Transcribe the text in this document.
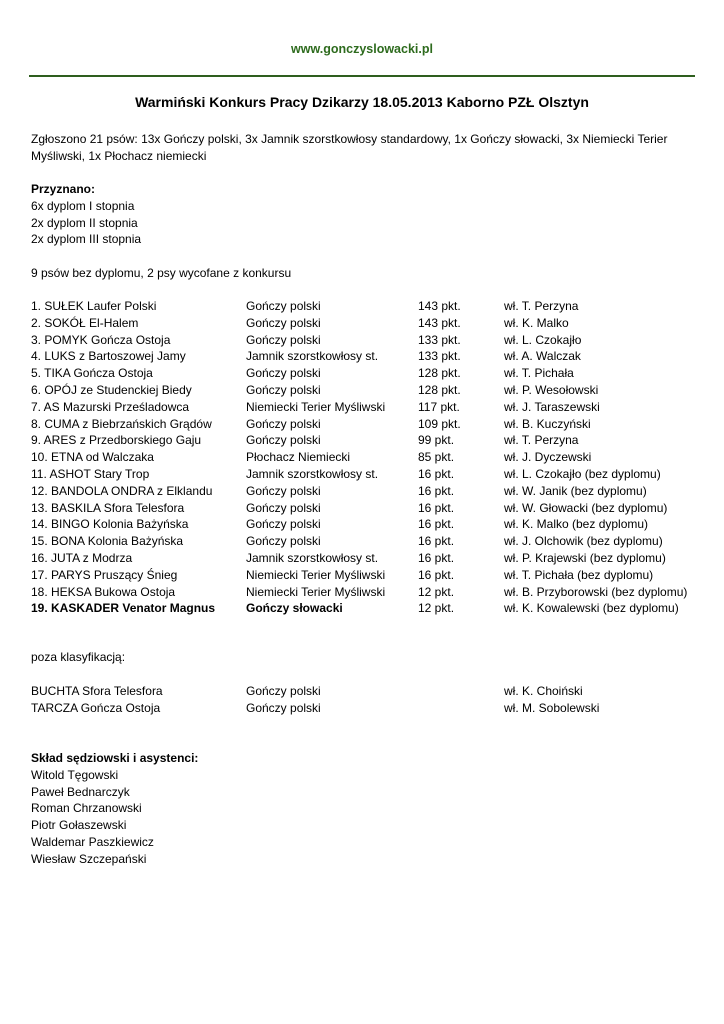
www.gonczyslowacki.pl
Warmiński Konkurs Pracy Dzikarzy 18.05.2013 Kaborno PZŁ Olsztyn
Zgłoszono 21 psów: 13x Gończy polski, 3x Jamnik szorstkowłosy standardowy, 1x Gończy słowacki, 3x Niemiecki Terier Myśliwski, 1x Płochacz niemiecki
Przyznano:
6x dyplom I stopnia
2x dyplom II stopnia
2x dyplom III stopnia
9 psów bez dyplomu, 2 psy wycofane z konkursu
1. SUŁEK Laufer Polski	Gończy polski	143 pkt.	wł. T. Perzyna
2. SOKÓŁ El-Halem	Gończy polski	143 pkt.	wł. K. Malko
3. POMYK Gończa Ostoja	Gończy polski	133 pkt.	wł. L. Czokajło
4. LUKS z Bartoszowej Jamy	Jamnik szorstkowłosy st.	133 pkt.	wł. A. Walczak
5. TIKA Gończa Ostoja	Gończy polski	128 pkt.	wł. T. Pichała
6. OPÓJ ze Studenckiej Biedy	Gończy polski	128 pkt.	wł. P. Wesołowski
7. AS Mazurski Prześladowca	Niemiecki Terier Myśliwski	117 pkt.	wł. J. Taraszewski
8. CUMA z Biebrzańskich Grądów	Gończy polski	109 pkt.	wł. B. Kuczyński
9. ARES z Przedborskiego Gaju	Gończy polski	99 pkt.	wł. T. Perzyna
10. ETNA od Walczaka	Płochacz Niemiecki	85 pkt.	wł. J. Dyczewski
11. ASHOT Stary Trop	Jamnik szorstkowłosy st.	16 pkt.	wł. L. Czokajło (bez dyplomu)
12. BANDOLA ONDRA z Elklandu	Gończy polski	16 pkt.	wł. W. Janik (bez dyplomu)
13. BASKILA Sfora Telesfora	Gończy polski	16 pkt.	wł. W. Głowacki (bez dyplomu)
14. BINGO Kolonia Bażyńska	Gończy polski	16 pkt.	wł. K. Malko (bez dyplomu)
15. BONA Kolonia Bażyńska	Gończy polski	16 pkt.	wł. J. Olchowik (bez dyplomu)
16. JUTA z Modrza	Jamnik szorstkowłosy st.	16 pkt.	wł. P. Krajewski (bez dyplomu)
17. PARYS Pruszący Śnieg	Niemiecki Terier Myśliwski	16 pkt.	wł. T. Pichała (bez dyplomu)
18. HEKSA Bukowa Ostoja	Niemiecki Terier Myśliwski	12 pkt.	wł. B. Przyborowski (bez dyplomu)
19. KASKADER Venator Magnus	Gończy słowacki	12 pkt.	wł. K. Kowalewski (bez dyplomu)
poza klasyfikacją:
BUCHTA Sfora Telesfora	Gończy polski	wł. K. Choiński
TARCZA Gończa Ostoja	Gończy polski	wł. M. Sobolewski
Skład sędziowski i asystenci:
Witold Tęgowski
Paweł Bednarczyk
Roman Chrzanowski
Piotr Gołaszewski
Waldemar Paszkiewicz
Wiesław Szczepański
